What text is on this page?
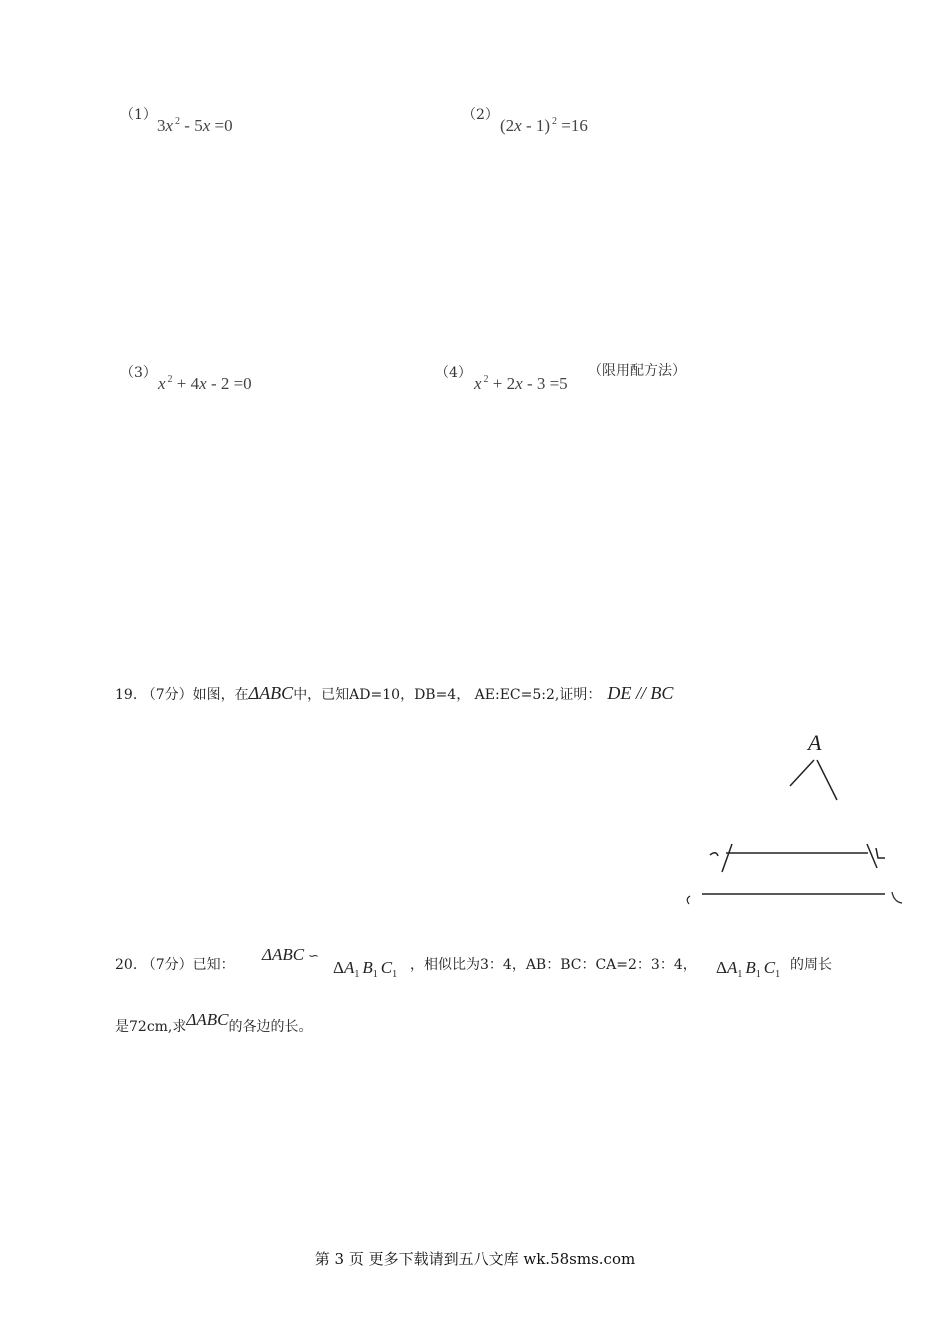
（1）
3x $^2$ - 5x =0
（2）
(2x - 1) $^2$ =16
（3）
x $^2$ + 4x - 2 =0
（4）
x $^2$ + 2x - 3 =5
（限用配方法）
19. （7分）如图，在ΔABC中，已知AD=10，DB=4， AE:EC=5:2,证明： DE // BC
A
20. （7分）已知：
ΔABC ∽
$\Delta A_1$ $B_1$ $C_1$
，相似比为3：4，AB：BC：CA=2：3：4， $\Delta A_1$ $B_1$ $C_1$
的周长
是72cm,求ΔABC的各边的长。
第 3 页 更多下载请到五八文库 wk.58sms.com
